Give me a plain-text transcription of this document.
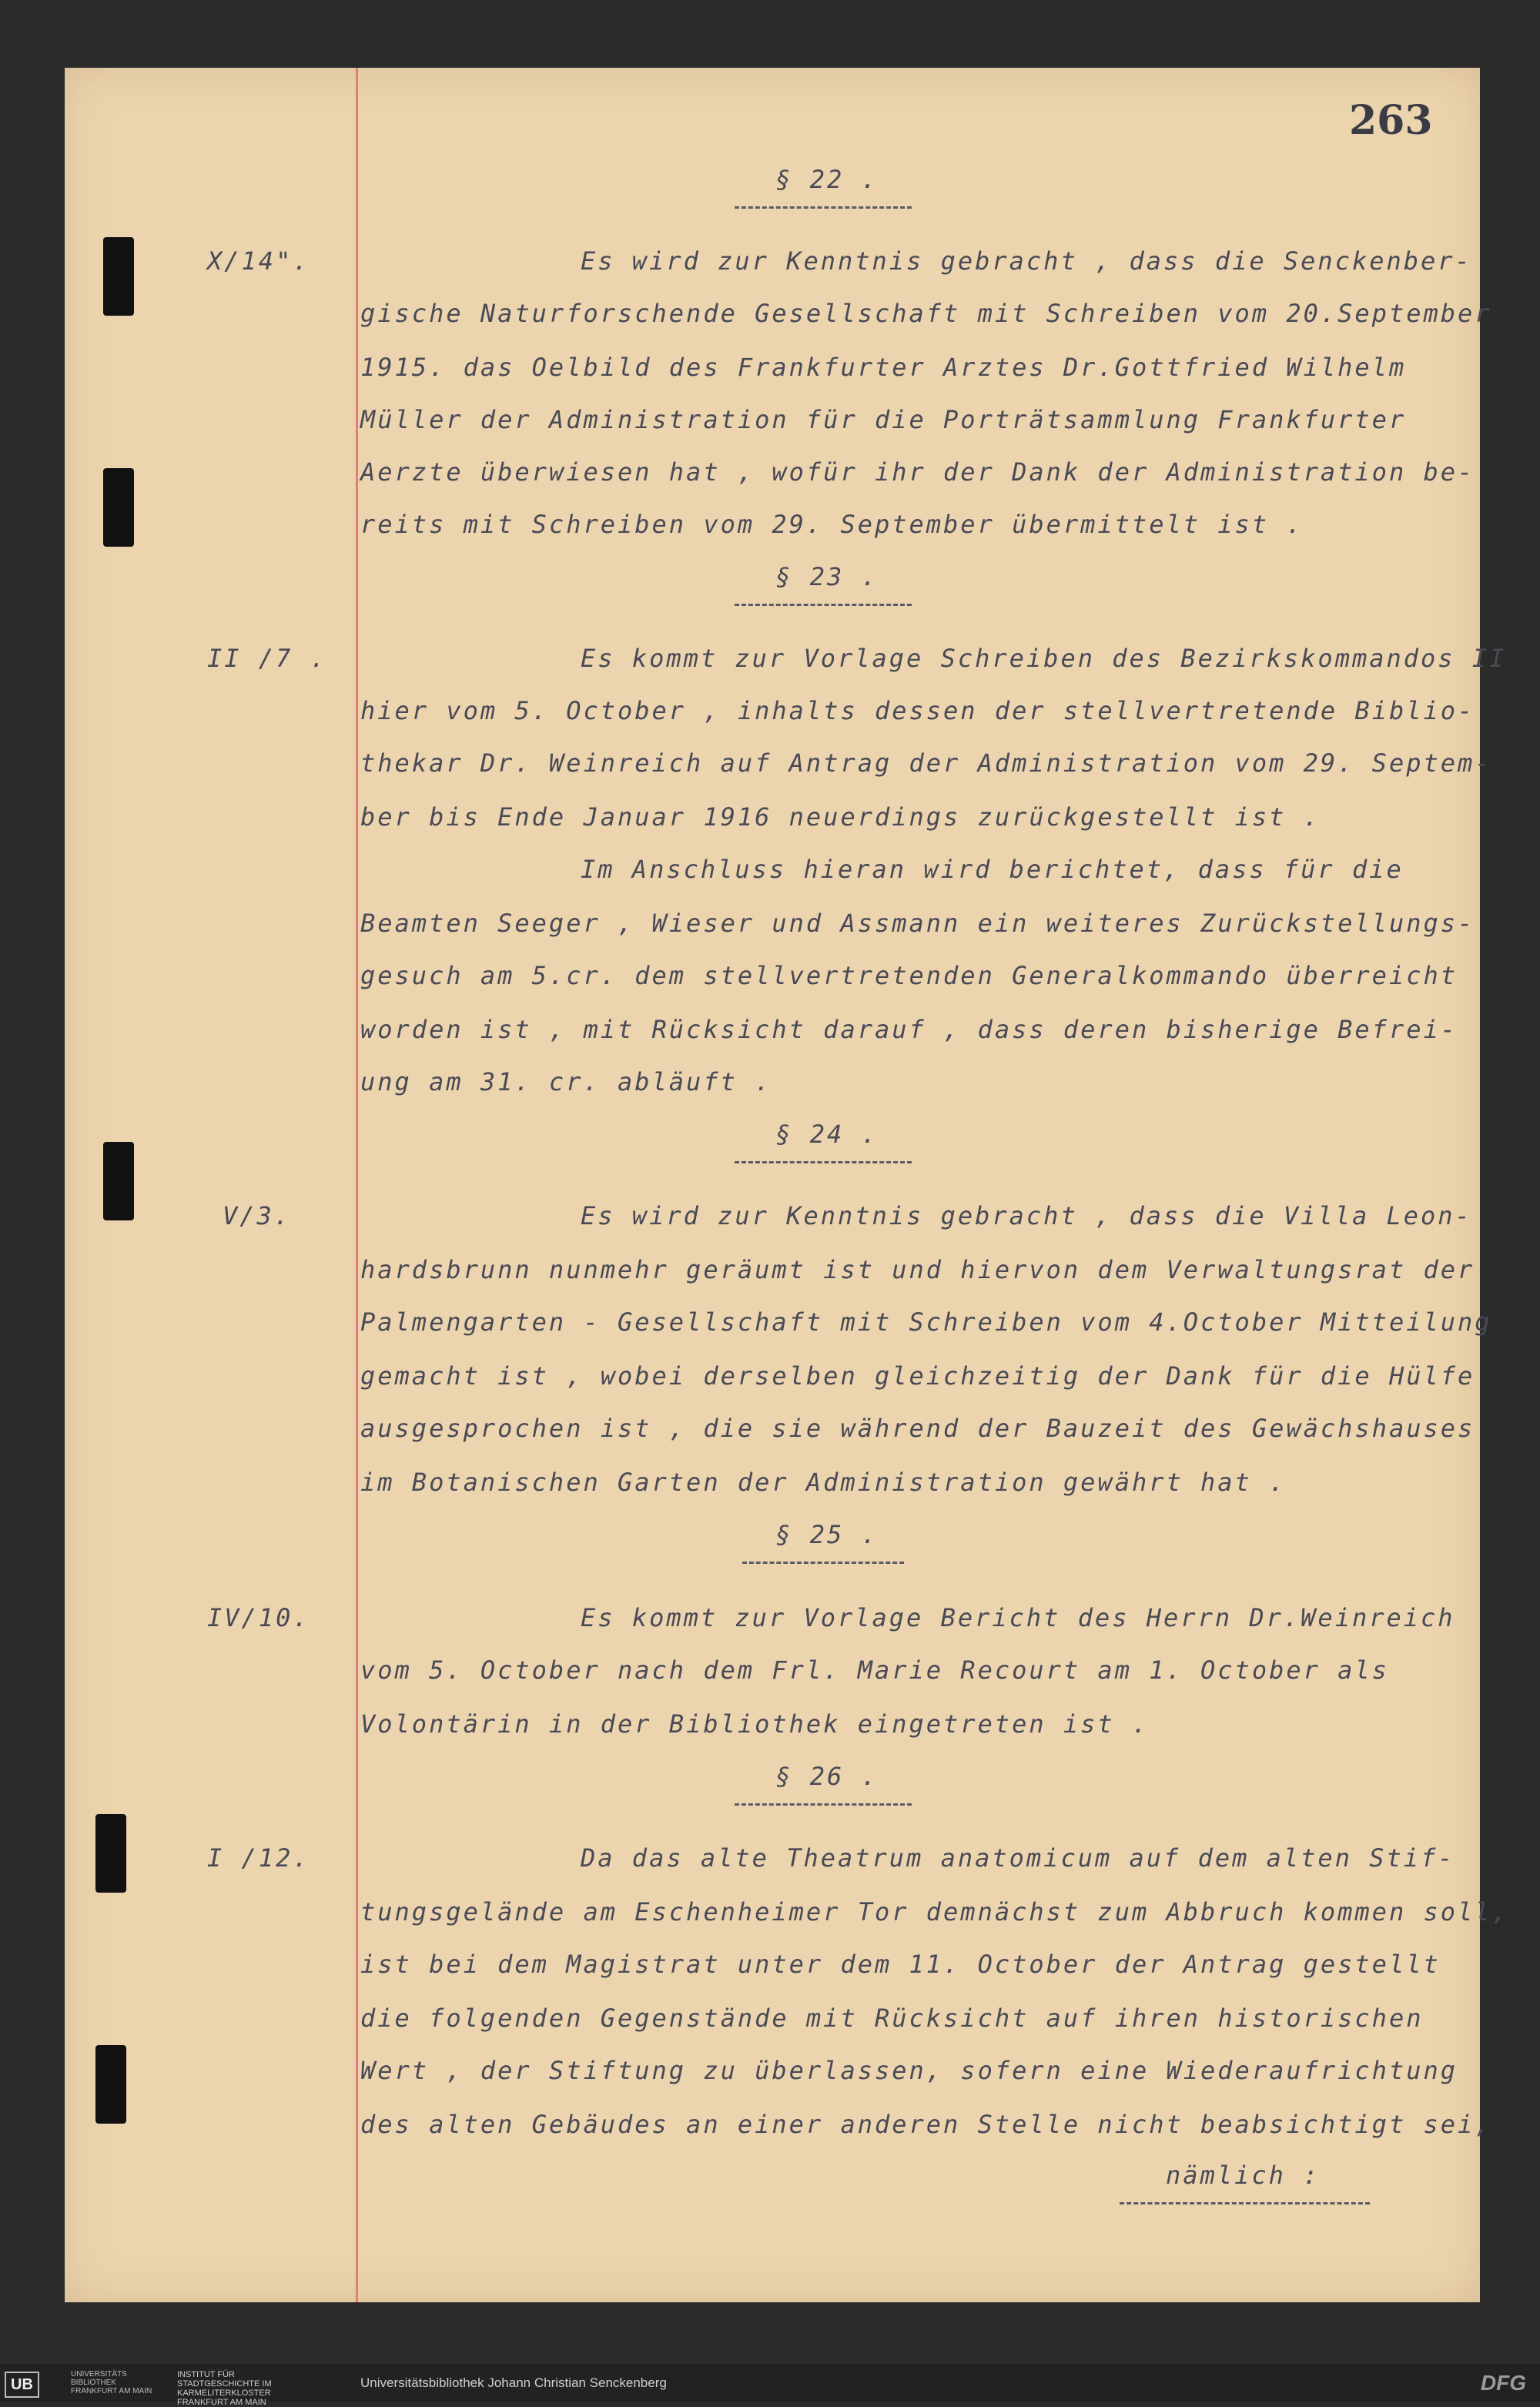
263
§ 22 .
X/14".	Es wird zur Kenntnis gebracht , dass die Senckenber-
gische Naturforschende Gesellschaft mit Schreiben vom 20.September
1915. das Oelbild des Frankfurter Arztes Dr.Gottfried Wilhelm
Müller der Administration für die Porträtsammlung Frankfurter
Aerzte überwiesen hat , wofür ihr der Dank der Administration be-
reits mit Schreiben vom 29. September übermittelt ist .
§ 23 .
II /7 .	Es kommt zur Vorlage Schreiben des Bezirkskommandos II
hier vom 5. October , inhalts dessen der stellvertretende Biblio-
thekar Dr. Weinreich auf Antrag der Administration vom 29. Septem-
ber bis Ende Januar 1916 neuerdings zurückgestellt ist .
Im Anschluss hieran wird berichtet, dass für die
Beamten Seeger , Wieser und Assmann ein weiteres Zurückstellungs-
gesuch am 5.cr. dem stellvertretenden Generalkommando überreicht
worden ist , mit Rücksicht darauf , dass deren bisherige Befrei-
ung am 31. cr. abläuft .
§ 24 .
V/3.	Es wird zur Kenntnis gebracht , dass die Villa Leon-
hardsbrunn nunmehr geräumt ist und hiervon dem Verwaltungsrat der
Palmengarten - Gesellschaft mit Schreiben vom 4.October Mitteilung
gemacht ist , wobei derselben gleichzeitig der Dank für die Hülfe
ausgesprochen ist , die sie während der Bauzeit des Gewächshauses
im Botanischen Garten der Administration gewährt hat .
§ 25 .
IV/10.	Es kommt zur Vorlage Bericht des Herrn Dr.Weinreich
vom 5. October nach dem Frl. Marie Recourt am 1. October als
Volontärin in der Bibliothek eingetreten ist .
§ 26 .
I /12.	Da das alte Theatrum anatomicum auf dem alten Stif-
tungsgelände am Eschenheimer Tor demnächst zum Abbruch kommen soll,
ist bei dem Magistrat unter dem 11. October der Antrag gestellt
die folgenden Gegenstände mit Rücksicht auf ihren historischen
Wert , der Stiftung zu überlassen, sofern eine Wiederaufrichtung
des alten Gebäudes an einer anderen Stelle nicht beabsichtigt sei,
nämlich :
UB
UNIVERSITÄTS BIBLIOTHEK FRANKFURT AM MAIN
INSTITUT FÜR STADTGESCHICHTE IM KARMELITERKLOSTER FRANKFURT AM MAIN
Universitätsbibliothek Johann Christian Senckenberg	DFG
